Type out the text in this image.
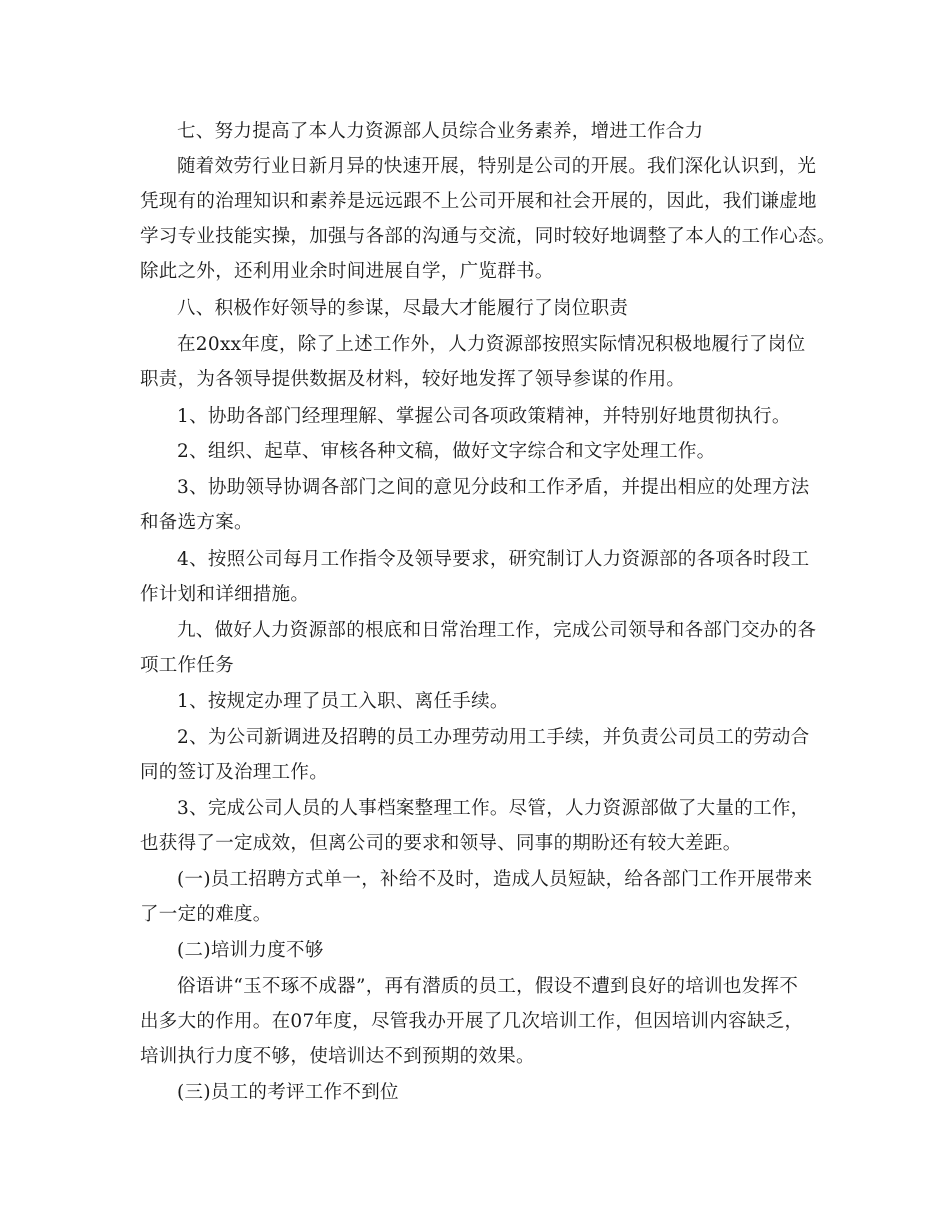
七、努力提高了本人力资源部人员综合业务素养，增进工作合力
随着效劳行业日新月异的快速开展，特别是公司的开展。我们深化认识到，光
凭现有的治理知识和素养是远远跟不上公司开展和社会开展的，因此，我们谦虚地
学习专业技能实操，加强与各部的沟通与交流，同时较好地调整了本人的工作心态。
除此之外，还利用业余时间进展自学，广览群书。
八、积极作好领导的参谋，尽最大才能履行了岗位职责
在20xx年度，除了上述工作外，人力资源部按照实际情况积极地履行了岗位
职责，为各领导提供数据及材料，较好地发挥了领导参谋的作用。
1、协助各部门经理理解、掌握公司各项政策精神，并特别好地贯彻执行。
2、组织、起草、审核各种文稿，做好文字综合和文字处理工作。
3、协助领导协调各部门之间的意见分歧和工作矛盾，并提出相应的处理方法
和备选方案。
4、按照公司每月工作指令及领导要求，研究制订人力资源部的各项各时段工
作计划和详细措施。
九、做好人力资源部的根底和日常治理工作，完成公司领导和各部门交办的各
项工作任务
1、按规定办理了员工入职、离任手续。
2、为公司新调进及招聘的员工办理劳动用工手续，并负责公司员工的劳动合
同的签订及治理工作。
3、完成公司人员的人事档案整理工作。尽管，人力资源部做了大量的工作，
也获得了一定成效，但离公司的要求和领导、同事的期盼还有较大差距。
(一)员工招聘方式单一，补给不及时，造成人员短缺，给各部门工作开展带来
了一定的难度。
(二)培训力度不够
俗语讲“玉不琢不成器”，再有潜质的员工，假设不遭到良好的培训也发挥不
出多大的作用。在07年度，尽管我办开展了几次培训工作，但因培训内容缺乏，
培训执行力度不够，使培训达不到预期的效果。
(三)员工的考评工作不到位
